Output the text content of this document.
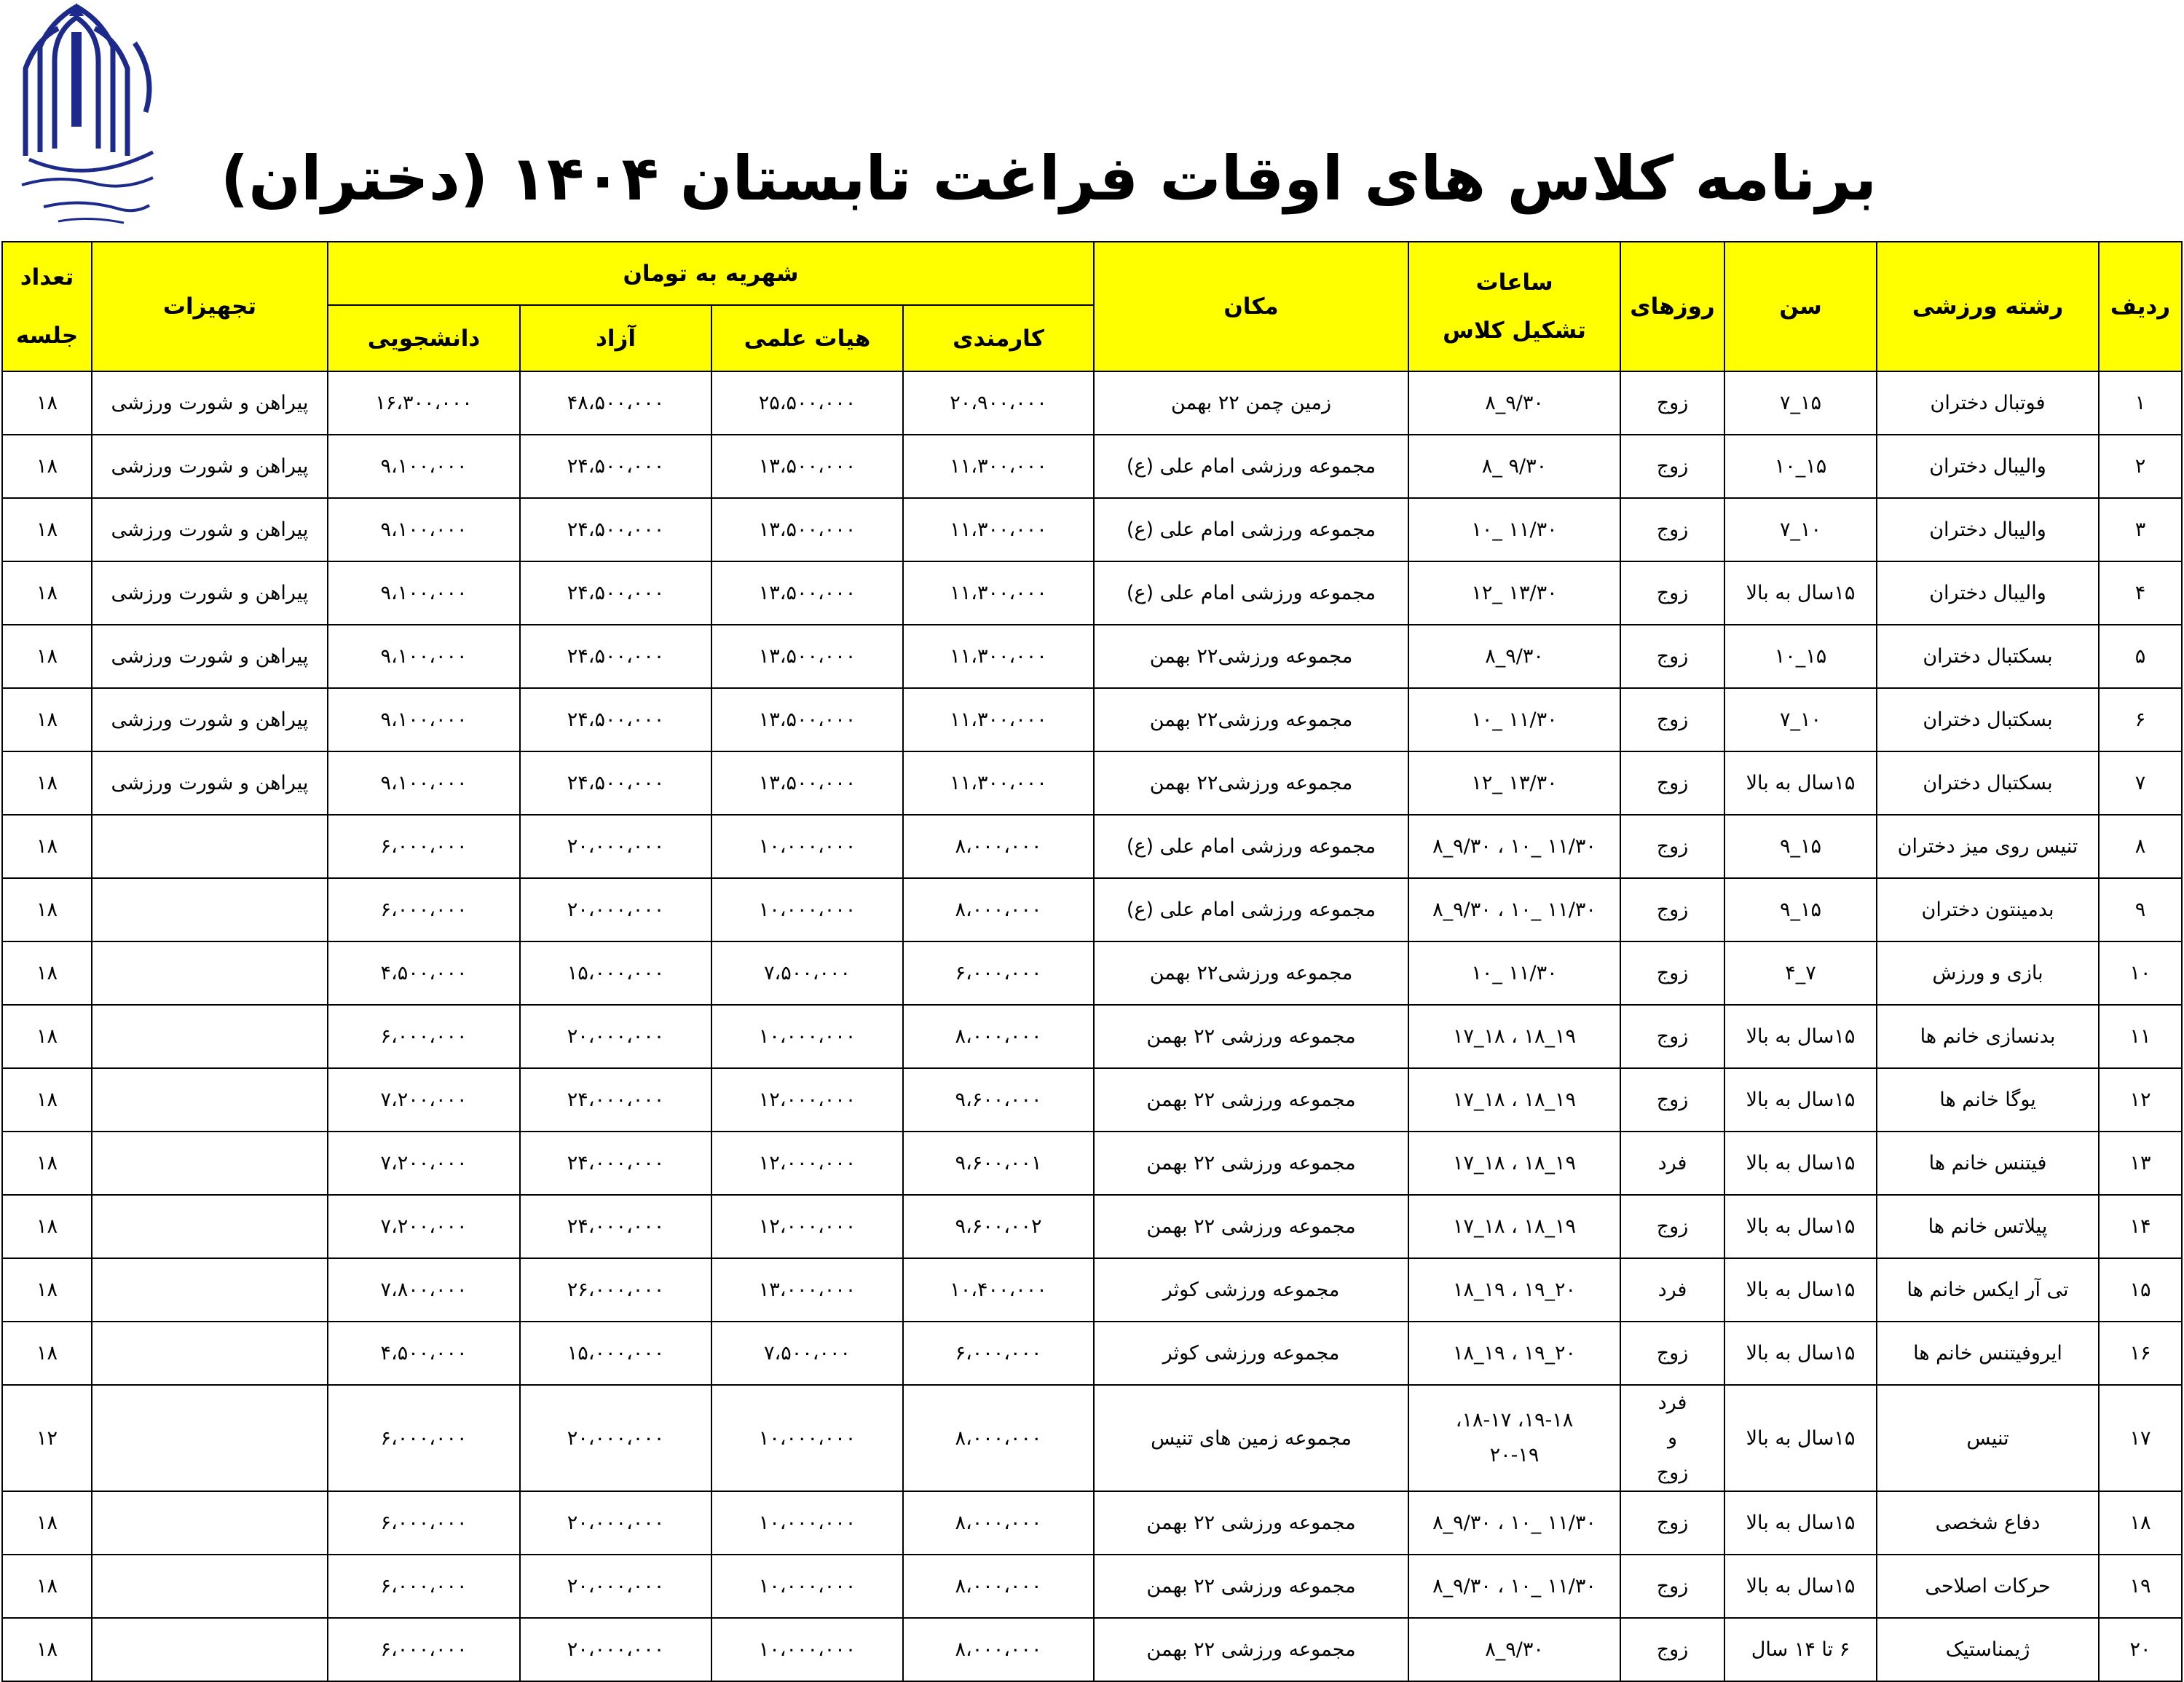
برنامه کلاس های اوقات فراغت تابستان ۱۴۰۴ (دختران)
ردیف	رشته ورزشی	سن	روزهای	ساعات تشکیل کلاس	مکان	شهریه به تومان				تجهیزات	تعداد
جلسه

						کارمندی	هیات علمی	آزاد	دانشجویی		
۱	فوتبال دختران	۱۵_۷	زوج	۹/۳۰_۸	زمین چمن ۲۲ بهمن	۲۰،۹۰۰،۰۰۰	۲۵،۵۰۰،۰۰۰	۴۸،۵۰۰،۰۰۰	۱۶،۳۰۰،۰۰۰	پیراهن و شورت ورزشی	۱۸
۲	والیبال دختران	۱۵_۱۰	زوج	۹/۳۰ _۸	مجموعه ورزشی امام علی (ع)	۱۱،۳۰۰،۰۰۰	۱۳،۵۰۰،۰۰۰	۲۴،۵۰۰،۰۰۰	۹،۱۰۰،۰۰۰	پیراهن و شورت ورزشی	۱۸
۳	والیبال دختران	۱۰_۷	زوج	۱۱/۳۰ _۱۰	مجموعه ورزشی امام علی (ع)	۱۱،۳۰۰،۰۰۰	۱۳،۵۰۰،۰۰۰	۲۴،۵۰۰،۰۰۰	۹،۱۰۰،۰۰۰	پیراهن و شورت ورزشی	۱۸
۴	والیبال دختران	۱۵سال به بالا	زوج	۱۳/۳۰ _۱۲	مجموعه ورزشی امام علی (ع)	۱۱،۳۰۰،۰۰۰	۱۳،۵۰۰،۰۰۰	۲۴،۵۰۰،۰۰۰	۹،۱۰۰،۰۰۰	پیراهن و شورت ورزشی	۱۸
۵	بسکتبال دختران	۱۵_۱۰	زوج	۹/۳۰_۸	مجموعه ورزشی۲۲ بهمن	۱۱،۳۰۰،۰۰۰	۱۳،۵۰۰،۰۰۰	۲۴،۵۰۰،۰۰۰	۹،۱۰۰،۰۰۰	پیراهن و شورت ورزشی	۱۸
۶	بسکتبال دختران	۱۰_۷	زوج	۱۱/۳۰ _۱۰	مجموعه ورزشی۲۲ بهمن	۱۱،۳۰۰،۰۰۰	۱۳،۵۰۰،۰۰۰	۲۴،۵۰۰،۰۰۰	۹،۱۰۰،۰۰۰	پیراهن و شورت ورزشی	۱۸
۷	بسکتبال دختران	۱۵سال به بالا	زوج	۱۳/۳۰ _۱۲	مجموعه ورزشی۲۲ بهمن	۱۱،۳۰۰،۰۰۰	۱۳،۵۰۰،۰۰۰	۲۴،۵۰۰،۰۰۰	۹،۱۰۰،۰۰۰	پیراهن و شورت ورزشی	۱۸
۸	تنیس روی میز دختران	۱۵_۹	زوج	۱۱/۳۰ _۱۰ ، ۹/۳۰_۸	مجموعه ورزشی امام علی (ع)	۸،۰۰۰،۰۰۰	۱۰،۰۰۰،۰۰۰	۲۰،۰۰۰،۰۰۰	۶،۰۰۰،۰۰۰		۱۸
۹	بدمینتون دختران	۱۵_۹	زوج	۱۱/۳۰ _۱۰ ، ۹/۳۰_۸	مجموعه ورزشی امام علی (ع)	۸،۰۰۰،۰۰۰	۱۰،۰۰۰،۰۰۰	۲۰،۰۰۰،۰۰۰	۶،۰۰۰،۰۰۰		۱۸
۱۰	بازی و ورزش	۷_۴	زوج	۱۱/۳۰ _۱۰	مجموعه ورزشی۲۲ بهمن	۶،۰۰۰،۰۰۰	۷،۵۰۰،۰۰۰	۱۵،۰۰۰،۰۰۰	۴،۵۰۰،۰۰۰		۱۸
۱۱	بدنسازی خانم ها	۱۵سال به بالا	زوج	۱۹_۱۸ ، ۱۸_۱۷	مجموعه ورزشی ۲۲ بهمن	۸،۰۰۰،۰۰۰	۱۰،۰۰۰،۰۰۰	۲۰،۰۰۰،۰۰۰	۶،۰۰۰،۰۰۰		۱۸
۱۲	یوگا خانم ها	۱۵سال به بالا	زوج	۱۹_۱۸ ، ۱۸_۱۷	مجموعه ورزشی ۲۲ بهمن	۹،۶۰۰،۰۰۰	۱۲،۰۰۰،۰۰۰	۲۴،۰۰۰،۰۰۰	۷،۲۰۰،۰۰۰		۱۸
۱۳	فیتنس خانم ها	۱۵سال به بالا	فرد	۱۹_۱۸ ، ۱۸_۱۷	مجموعه ورزشی ۲۲ بهمن	۹،۶۰۰،۰۰۱	۱۲،۰۰۰،۰۰۰	۲۴،۰۰۰،۰۰۰	۷،۲۰۰،۰۰۰		۱۸
۱۴	پیلاتس خانم ها	۱۵سال به بالا	زوج	۱۹_۱۸ ، ۱۸_۱۷	مجموعه ورزشی ۲۲ بهمن	۹،۶۰۰،۰۰۲	۱۲،۰۰۰،۰۰۰	۲۴،۰۰۰،۰۰۰	۷،۲۰۰،۰۰۰		۱۸
۱۵	تی آر ایکس خانم ها	۱۵سال به بالا	فرد	۲۰_۱۹ ، ۱۹_۱۸	مجموعه ورزشی کوثر	۱۰،۴۰۰،۰۰۰	۱۳،۰۰۰،۰۰۰	۲۶،۰۰۰،۰۰۰	۷،۸۰۰،۰۰۰		۱۸
۱۶	ایروفیتنس خانم ها	۱۵سال به بالا	زوج	۲۰_۱۹ ، ۱۹_۱۸	مجموعه ورزشی کوثر	۶،۰۰۰،۰۰۰	۷،۵۰۰،۰۰۰	۱۵،۰۰۰،۰۰۰	۴،۵۰۰،۰۰۰		۱۸
۱۷	تنیس	۱۵سال به بالا	فرد و زوج	۱۹-۱۸، ۱۸-۱۷، ۲۰-۱۹	مجموعه زمین های تنیس	۸،۰۰۰،۰۰۰	۱۰،۰۰۰،۰۰۰	۲۰،۰۰۰،۰۰۰	۶،۰۰۰،۰۰۰		۱۲
۱۸	دفاع شخصی	۱۵سال به بالا	زوج	۱۱/۳۰ _۱۰ ، ۹/۳۰_۸	مجموعه ورزشی ۲۲ بهمن	۸،۰۰۰،۰۰۰	۱۰،۰۰۰،۰۰۰	۲۰،۰۰۰،۰۰۰	۶،۰۰۰،۰۰۰		۱۸
۱۹	حرکات اصلاحی	۱۵سال به بالا	زوج	۱۱/۳۰ _۱۰ ، ۹/۳۰_۸	مجموعه ورزشی ۲۲ بهمن	۸،۰۰۰،۰۰۰	۱۰،۰۰۰،۰۰۰	۲۰،۰۰۰،۰۰۰	۶،۰۰۰،۰۰۰		۱۸
۲۰	ژیمناستیک	۶ تا ۱۴ سال	زوج	۹/۳۰_۸	مجموعه ورزشی ۲۲ بهمن	۸،۰۰۰،۰۰۰	۱۰،۰۰۰،۰۰۰	۲۰،۰۰۰،۰۰۰	۶،۰۰۰،۰۰۰		۱۸
